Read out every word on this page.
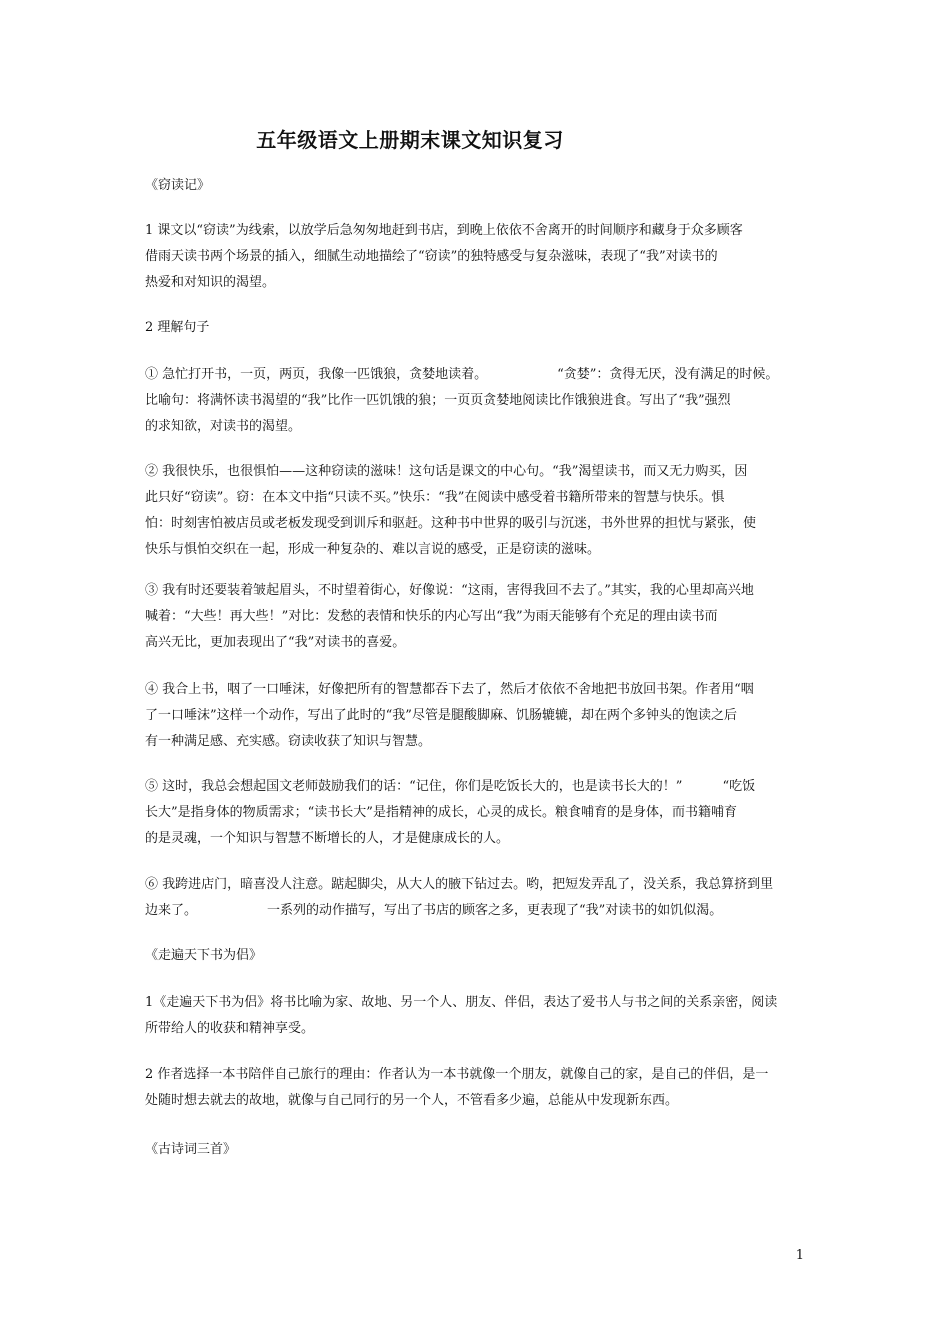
五年级语文上册期末课文知识复习
《窃读记》
1 课文以“窃读”为线索，以放学后急匆匆地赶到书店，到晚上依依不舍离开的时间顺序和藏身于众多顾客
借雨天读书两个场景的插入，细腻生动地描绘了“窃读”的独特感受与复杂滋味，表现了“我”对读书的
热爱和对知识的渴望。
2 理解句子
① 急忙打开书，一页，两页，我像一匹饿狼，贪婪地读着。	“贪婪”：贪得无厌，没有满足的时候。
比喻句：将满怀读书渴望的“我”比作一匹饥饿的狼；一页页贪婪地阅读比作饿狼进食。写出了“我”强烈
的求知欲，对读书的渴望。
② 我很快乐，也很惧怕——这种窃读的滋味！这句话是课文的中心句。“我”渴望读书，而又无力购买，因
此只好“窃读”。窃：在本文中指“只读不买。”快乐：“我”在阅读中感受着书籍所带来的智慧与快乐。惧
怕：时刻害怕被店员或老板发现受到训斥和驱赶。这种书中世界的吸引与沉迷，书外世界的担忧与紧张，使
快乐与惧怕交织在一起，形成一种复杂的、难以言说的感受，正是窃读的滋味。
③ 我有时还要装着皱起眉头，不时望着街心，好像说：“这雨，害得我回不去了。”其实，我的心里却高兴地
喊着：“大些！再大些！”对比：发愁的表情和快乐的内心写出“我”为雨天能够有个充足的理由读书而
高兴无比，更加表现出了“我”对读书的喜爱。
④ 我合上书，咽了一口唾沫，好像把所有的智慧都吞下去了，然后才依依不舍地把书放回书架。作者用“咽
了一口唾沫”这样一个动作，写出了此时的“我”尽管是腿酸脚麻、饥肠辘辘，却在两个多钟头的饱读之后
有一种满足感、充实感。窃读收获了知识与智慧。
⑤ 这时，我总会想起国文老师鼓励我们的话：“记住，你们是吃饭长大的，也是读书长大的！”	“吃饭
长大”是指身体的物质需求；“读书长大”是指精神的成长，心灵的成长。粮食哺育的是身体，而书籍哺育
的是灵魂，一个知识与智慧不断增长的人，才是健康成长的人。
⑥ 我跨进店门，暗喜没人注意。踮起脚尖，从大人的腋下钻过去。哟，把短发弄乱了，没关系，我总算挤到里
边来了。	一系列的动作描写，写出了书店的顾客之多，更表现了“我”对读书的如饥似渴。
《走遍天下书为侣》
1《走遍天下书为侣》将书比喻为家、故地、另一个人、朋友、伴侣，表达了爱书人与书之间的关系亲密，阅读
所带给人的收获和精神享受。
2 作者选择一本书陪伴自己旅行的理由：作者认为一本书就像一个朋友，就像自己的家，是自己的伴侣，是一
处随时想去就去的故地，就像与自己同行的另一个人，不管看多少遍，总能从中发现新东西。
《古诗词三首》
1
